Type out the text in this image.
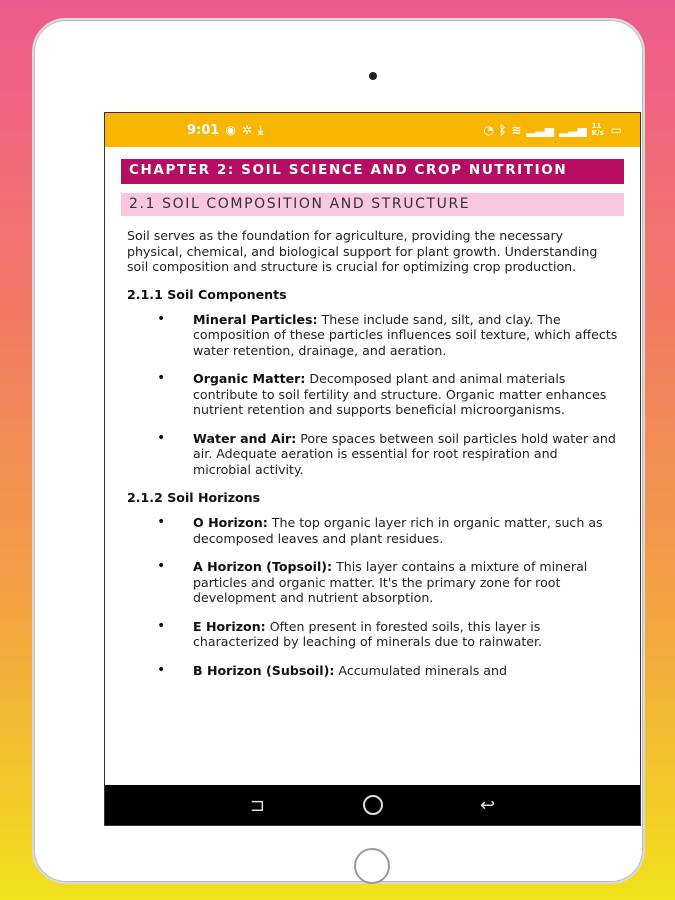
9:01 ◉ ✲ ⤓	◔ ᛒ ≋ ▂▃▅ ▂▃▅ 11 K/s ▭
CHAPTER 2: SOIL SCIENCE AND CROP NUTRITION
2.1 SOIL COMPOSITION AND STRUCTURE

Soil serves as the foundation for agriculture, providing the necessary physical, chemical, and biological support for plant growth. Understanding soil composition and structure is crucial for optimizing crop production.

2.1.1 Soil Components
• Mineral Particles: These include sand, silt, and clay. The composition of these particles influences soil texture, which affects water retention, drainage, and aeration.
• Organic Matter: Decomposed plant and animal materials contribute to soil fertility and structure. Organic matter enhances nutrient retention and supports beneficial microorganisms.
• Water and Air: Pore spaces between soil particles hold water and air. Adequate aeration is essential for root respiration and microbial activity.
2.1.2 Soil Horizons
• O Horizon: The top organic layer rich in organic matter, such as decomposed leaves and plant residues.
• A Horizon (Topsoil): This layer contains a mixture of mineral particles and organic matter. It's the primary zone for root development and nutrient absorption.
• E Horizon: Often present in forested soils, this layer is characterized by leaching of minerals due to rainwater.
• B Horizon (Subsoil): Accumulated minerals and
⊐	↩
